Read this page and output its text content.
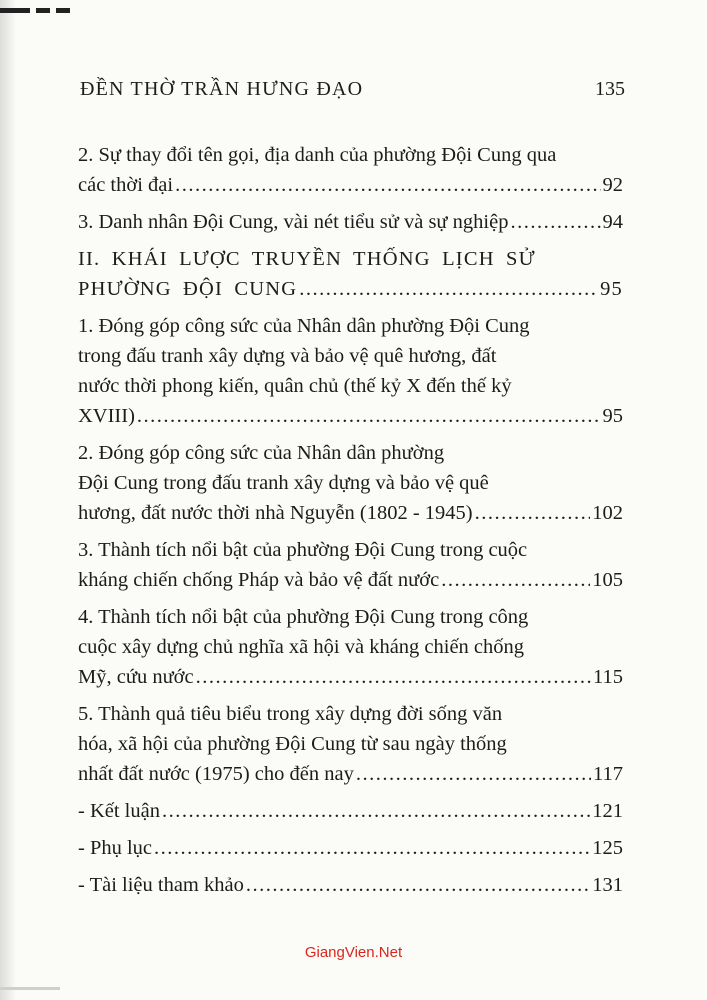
ĐỀN THỜ TRẦN HƯNG ĐẠO	135
2. Sự thay đổi tên gọi, địa danh của phường Đội Cung qua
các thời đại .....	92
3. Danh nhân Đội Cung, vài nét tiểu sử và sự nghiệp .....	94
II. KHÁI LƯỢC TRUYỀN THỐNG LỊCH SỬ
PHƯỜNG ĐỘI CUNG .....	95
1. Đóng góp công sức của Nhân dân phường Đội Cung
trong đấu tranh xây dựng và bảo vệ quê hương, đất
nước thời phong kiến, quân chủ (thế kỷ X đến thế kỷ
XVIII) .....	95
2. Đóng góp công sức của Nhân dân phường
Đội Cung trong đấu tranh xây dựng và bảo vệ quê
hương, đất nước thời nhà Nguyễn (1802 - 1945) .....	102
3. Thành tích nổi bật của phường Đội Cung trong cuộc
kháng chiến chống Pháp và bảo vệ đất nước .....	105
4. Thành tích nổi bật của phường Đội Cung trong công
cuộc xây dựng chủ nghĩa xã hội và kháng chiến chống
Mỹ, cứu nước .....	115
5. Thành quả tiêu biểu trong xây dựng đời sống văn
hóa, xã hội của phường Đội Cung từ sau ngày thống
nhất đất nước (1975) cho đến nay .....	117
- Kết luận .....	121
- Phụ lục .....	125
- Tài liệu tham khảo .....	131
GiangVien.Net
